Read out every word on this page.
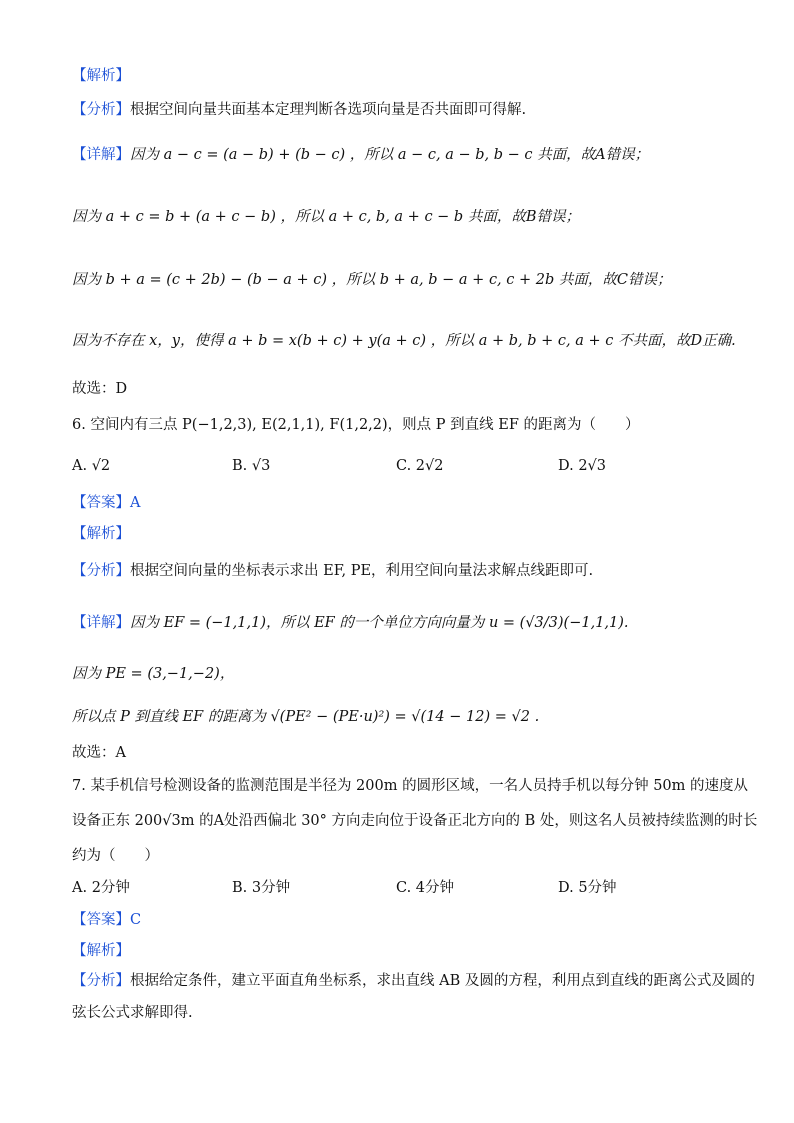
【解析】
【分析】根据空间向量共面基本定理判断各选项向量是否共面即可得解.
【详解】因为 a − c = (a − b) + (b − c) ，所以 a − c, a − b, b − c 共面，故A错误；
因为 a + c = b + (a + c − b) ，所以 a + c, b, a + c − b 共面，故B错误；
因为 b + a = (c + 2b) − (b − a + c) ，所以 b + a, b − a + c, c + 2b 共面，故C错误；
因为不存在 x，y，使得 a + b = x(b + c) + y(a + c) ，所以 a + b, b + c, a + c 不共面，故D正确.
故选：D
6. 空间内有三点 P(−1,2,3), E(2,1,1), F(1,2,2)，则点 P 到直线 EF 的距离为（　　）
A. √2	B. √3	C. 2√2	D. 2√3
【答案】A
【解析】
【分析】根据空间向量的坐标表示求出 EF, PE，利用空间向量法求解点线距即可.
【详解】因为 EF = (−1,1,1)，所以 EF 的一个单位方向向量为 u = (√3/3)(−1,1,1).
因为 PE = (3,−1,−2)，
所以点 P 到直线 EF 的距离为 √(PE² − (PE·u)²) = √(14 − 12) = √2 .
故选：A
7. 某手机信号检测设备的监测范围是半径为 200m 的圆形区域，一名人员持手机以每分钟 50m 的速度从
设备正东 200√3m 的A处沿西偏北 30° 方向走向位于设备正北方向的 B 处，则这名人员被持续监测的时长
约为（　　）
A. 2分钟	B. 3分钟	C. 4分钟	D. 5分钟
【答案】C
【解析】
【分析】根据给定条件，建立平面直角坐标系，求出直线 AB 及圆的方程，利用点到直线的距离公式及圆的
弦长公式求解即得.
